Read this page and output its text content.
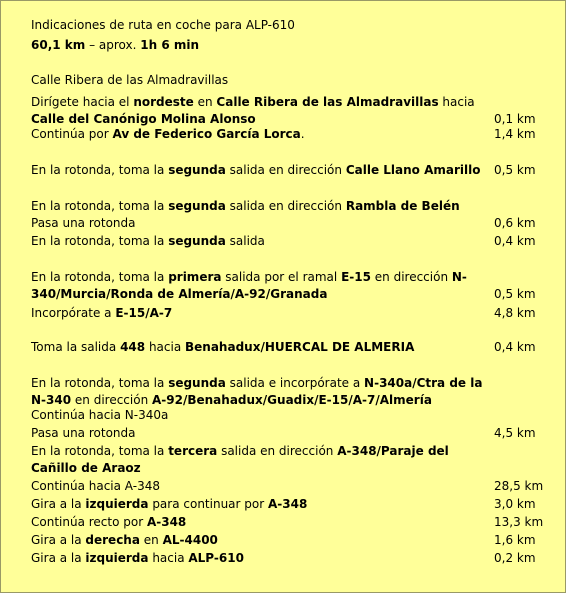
Indicaciones de ruta en coche para ALP-610
60,1 km – aprox. 1h 6 min
Calle Ribera de las Almadravillas
Dirígete hacia el nordeste en Calle Ribera de las Almadravillas hacia Calle del Canónigo Molina Alonso	0,1 km
Continúa por Av de Federico García Lorca.	1,4 km
En la rotonda, toma la segunda salida en dirección Calle Llano Amarillo	0,5 km
En la rotonda, toma la segunda salida en dirección Rambla de Belén
Pasa una rotonda	0,6 km
En la rotonda, toma la segunda salida	0,4 km
En la rotonda, toma la primera salida por el ramal E-15 en dirección N-340/Murcia/Ronda de Almería/A-92/Granada	0,5 km
Incorpórate a E-15/A-7	4,8 km
Toma la salida 448 hacia Benahadux/HUERCAL DE ALMERIA	0,4 km
En la rotonda, toma la segunda salida e incorpórate a N-340a/Ctra de la N-340 en dirección A-92/Benahadux/Guadix/E-15/A-7/Almería
Continúa hacia N-340a
Pasa una rotonda	4,5 km
En la rotonda, toma la tercera salida en dirección A-348/Paraje del Cañillo de Araoz
Continúa hacia A-348	28,5 km
Gira a la izquierda para continuar por A-348	3,0 km
Continúa recto por A-348	13,3 km
Gira a la derecha en AL-4400	1,6 km
Gira a la izquierda hacia ALP-610	0,2 km
